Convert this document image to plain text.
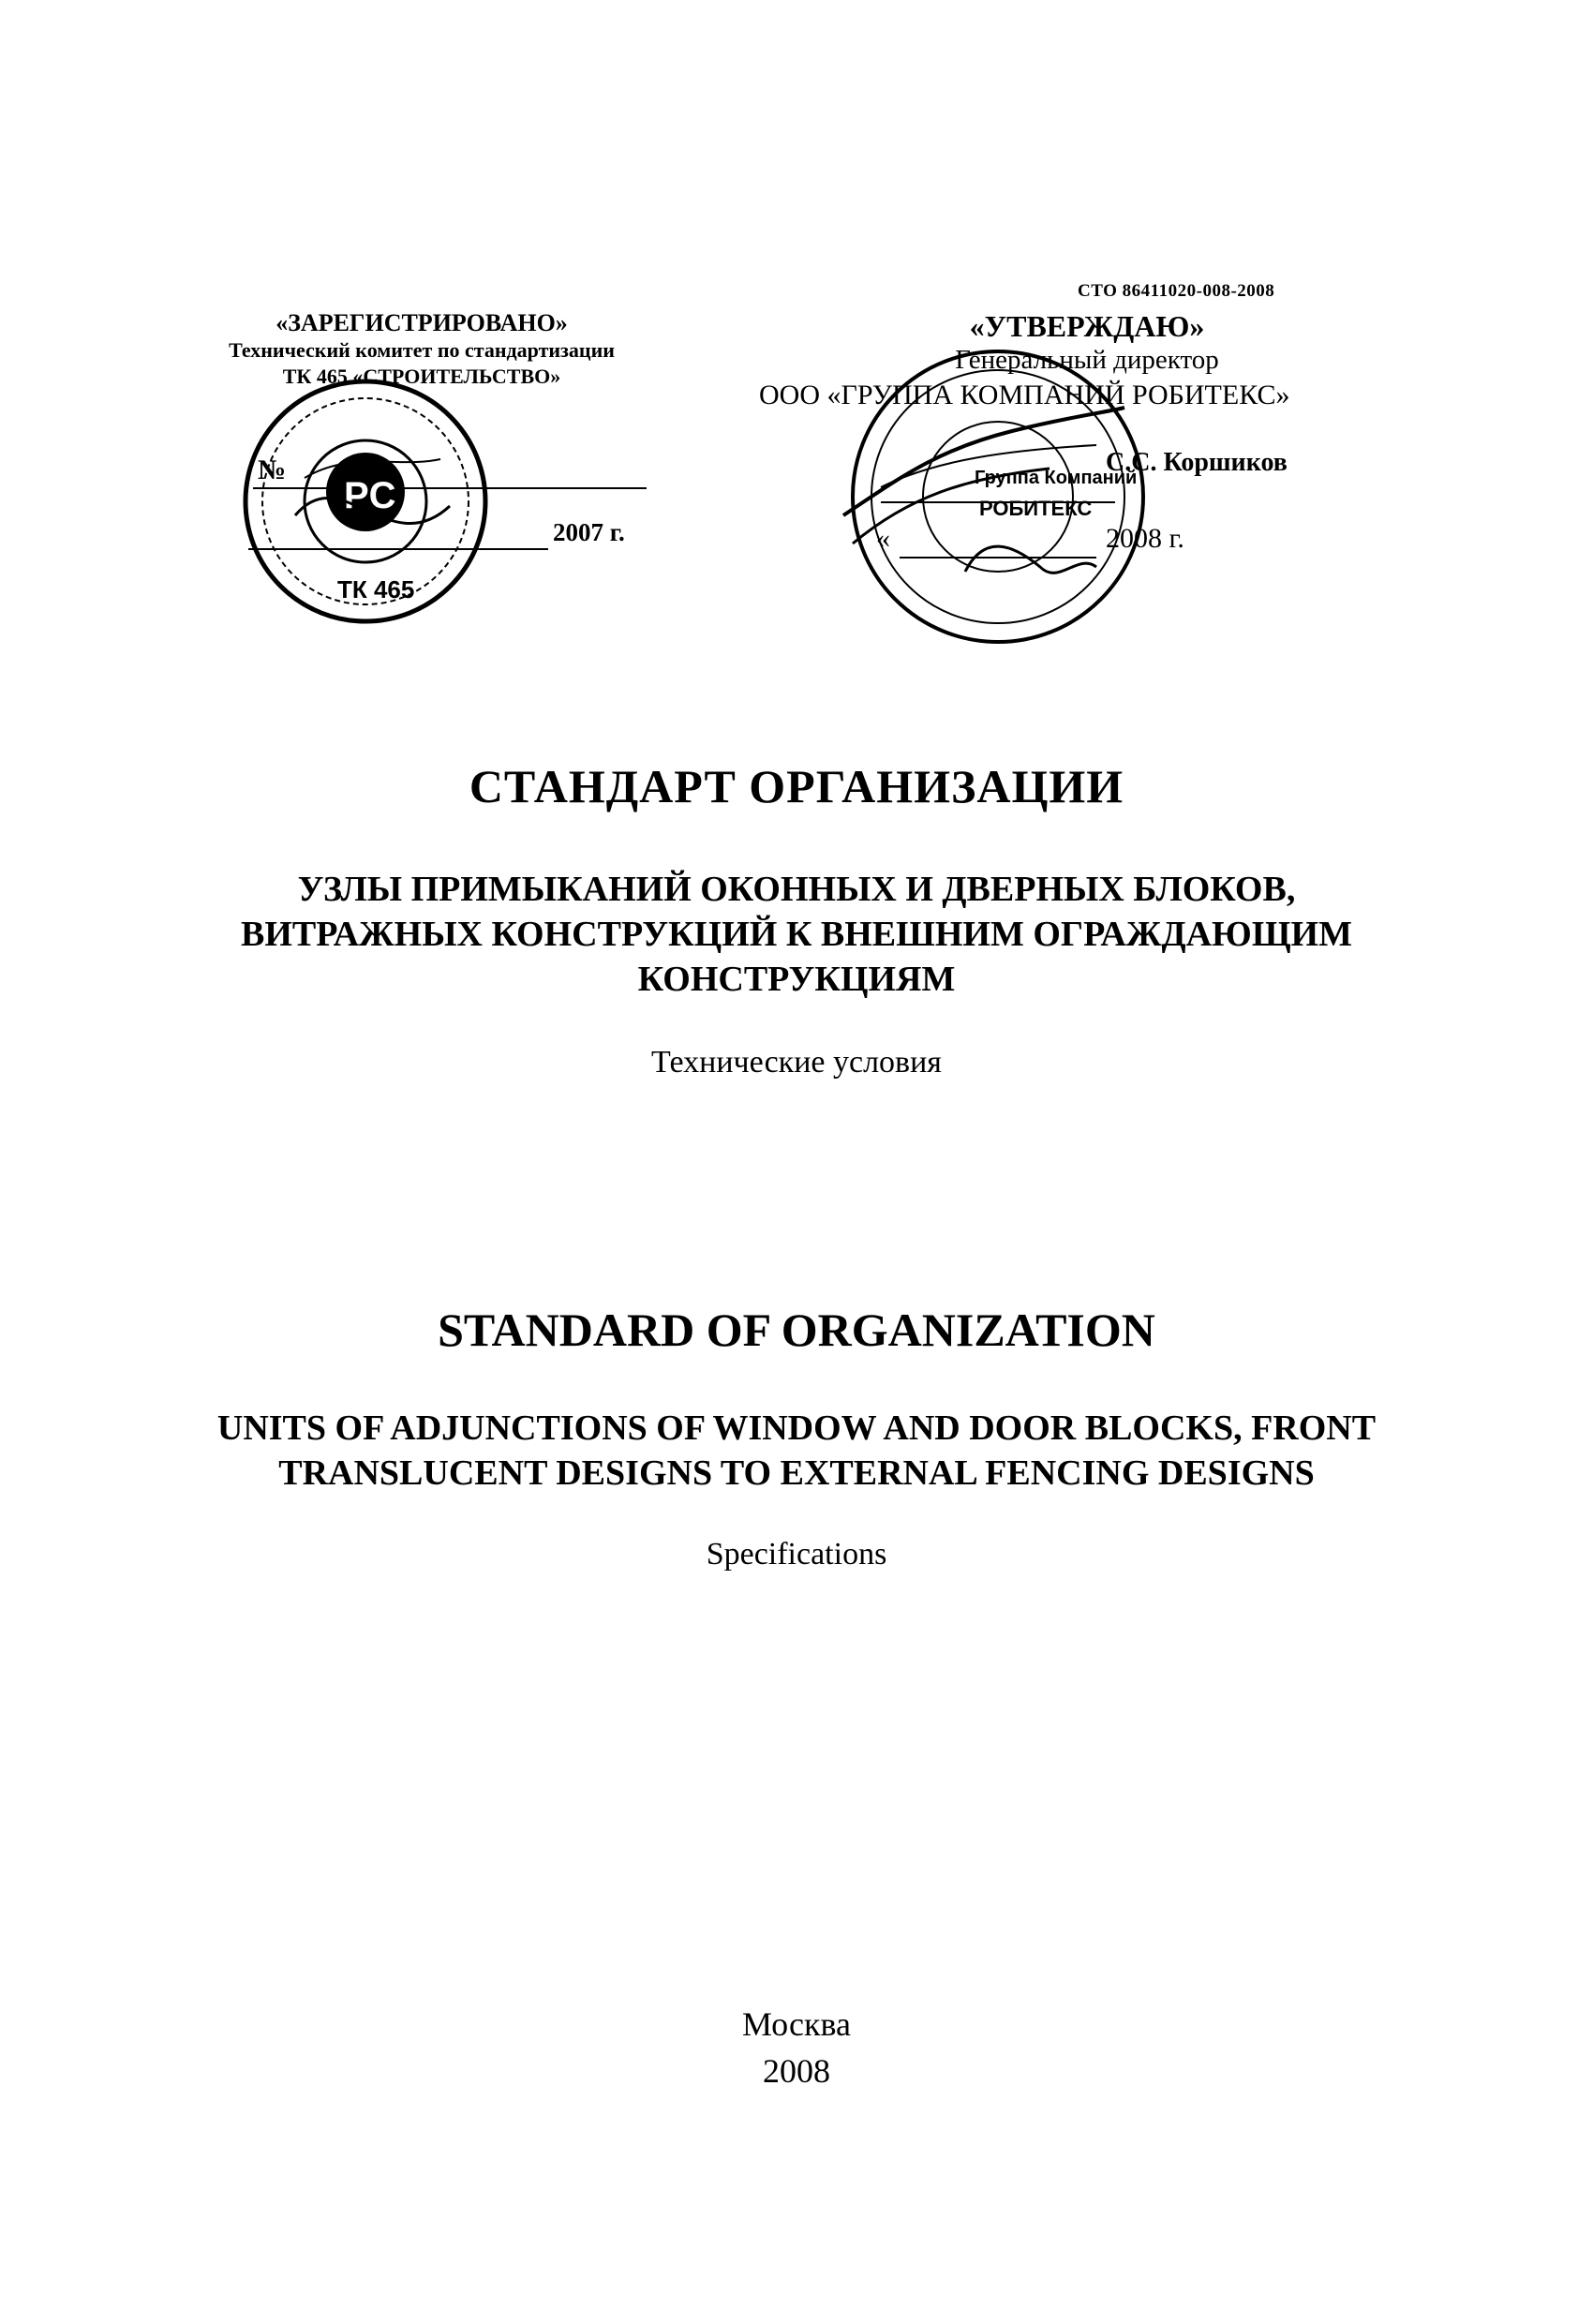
СТО 86411020-008-2008
«ЗАРЕГИСТРИРОВАНО»
Технический комитет по стандартизации
ТК 465 «СТРОИТЕЛЬСТВО»
№
2007 г.
PC
ТК 465
«УТВЕРЖДАЮ»
Генеральный директор
ООО «ГРУППА КОМПАНИЙ РОБИТЕКС»
С.С. Коршиков
«	2008 г.
Группа Компаний
РОБИТЕКС
СТАНДАРТ ОРГАНИЗАЦИИ
УЗЛЫ ПРИМЫКАНИЙ ОКОННЫХ И ДВЕРНЫХ БЛОКОВ,
ВИТРАЖНЫХ КОНСТРУКЦИЙ К ВНЕШНИМ ОГРАЖДАЮЩИМ
КОНСТРУКЦИЯМ
Технические условия
STANDARD OF ORGANIZATION
UNITS OF ADJUNCTIONS OF WINDOW AND DOOR BLOCKS, FRONT
TRANSLUCENT DESIGNS TO EXTERNAL FENCING DESIGNS
Specifications
Москва
2008
